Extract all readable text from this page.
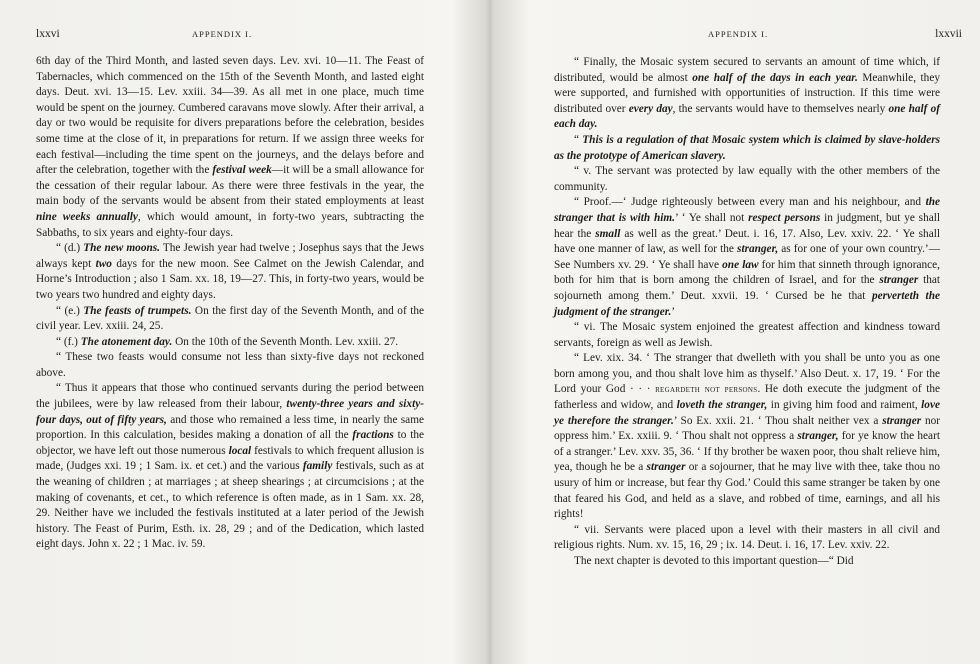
lxxvi	APPENDIX I.

6th day of the Third Month, and lasted seven days. Lev. xvi. 10—11. The Feast of Tabernacles, which commenced on the 15th of the Seventh Month, and lasted eight days. Deut. xvi. 13—15. Lev. xxiii. 34—39. As all met in one place, much time would be spent on the journey. Cumbered caravans move slowly. After their arrival, a day or two would be requisite for divers preparations before the celebration, besides some time at the close of it, in preparations for return. If we assign three weeks for each festival—including the time spent on the journeys, and the delays before and after the celebration, together with the festival week—it will be a small allowance for the cessation of their regular labour. As there were three festivals in the year, the main body of the servants would be absent from their stated employments at least nine weeks annually, which would amount, in forty-two years, subtracting the Sabbaths, to six years and eighty-four days.

“ (d.) The new moons. The Jewish year had twelve ; Josephus says that the Jews always kept two days for the new moon. See Calmet on the Jewish Calendar, and Horne’s Introduction ; also 1 Sam. xx. 18, 19—27. This, in forty-two years, would be two years two hundred and eighty days.

“ (e.) The feasts of trumpets. On the first day of the Seventh Month, and of the civil year. Lev. xxiii. 24, 25.

“ (f.) The atonement day. On the 10th of the Seventh Month. Lev. xxiii. 27.

“ These two feasts would consume not less than sixty-five days not reckoned above.

“ Thus it appears that those who continued servants during the period between the jubilees, were by law released from their labour, twenty-three years and sixty-four days, out of fifty years, and those who remained a less time, in nearly the same proportion. In this calculation, besides making a donation of all the fractions to the objector, we have left out those numerous local festivals to which frequent allusion is made, (Judges xxi. 19 ; 1 Sam. ix. et cet.) and the various family festivals, such as at the weaning of children ; at marriages ; at sheep shearings ; at circumcisions ; at the making of covenants, et cet., to which reference is often made, as in 1 Sam. xx. 28, 29. Neither have we included the festivals instituted at a later period of the Jewish history. The Feast of Purim, Esth. ix. 28, 29 ; and of the Dedication, which lasted eight days. John x. 22 ; 1 Mac. iv. 59.

APPENDIX I.	lxxvii

“ Finally, the Mosaic system secured to servants an amount of time which, if distributed, would be almost one half of the days in each year. Meanwhile, they were supported, and furnished with opportunities of instruction. If this time were distributed over every day, the servants would have to themselves nearly one half of each day.

“ This is a regulation of that Mosaic system which is claimed by slave-holders as the prototype of American slavery.

“ v. The servant was protected by law equally with the other members of the community.

“ Proof.—‘ Judge righteously between every man and his neighbour, and the stranger that is with him.’ ‘ Ye shall not respect persons in judgment, but ye shall hear the small as well as the great.’ Deut. i. 16, 17. Also, Lev. xxiv. 22. ‘ Ye shall have one manner of law, as well for the stranger, as for one of your own country.’—See Numbers xv. 29. ‘ Ye shall have one law for him that sinneth through ignorance, both for him that is born among the children of Israel, and for the stranger that sojourneth among them.’ Deut. xxvii. 19. ‘ Cursed be he that perverteth the judgment of the stranger.’

“ vi. The Mosaic system enjoined the greatest affection and kindness toward servants, foreign as well as Jewish.

“ Lev. xix. 34. ‘ The stranger that dwelleth with you shall be unto you as one born among you, and thou shalt love him as thyself.’ Also Deut. x. 17, 19. ‘ For the Lord your God · · · regardeth not persons. He doth execute the judgment of the fatherless and widow, and loveth the stranger, in giving him food and raiment, love ye therefore the stranger.’ So Ex. xxii. 21. ‘ Thou shalt neither vex a stranger nor oppress him.’ Ex. xxiii. 9. ‘ Thou shalt not oppress a stranger, for ye know the heart of a stranger.’ Lev. xxv. 35, 36. ‘ If thy brother be waxen poor, thou shalt relieve him, yea, though he be a stranger or a sojourner, that he may live with thee, take thou no usury of him or increase, but fear thy God.’ Could this same stranger be taken by one that feared his God, and held as a slave, and robbed of time, earnings, and all his rights!

“ vii. Servants were placed upon a level with their masters in all civil and religious rights. Num. xv. 15, 16, 29 ; ix. 14. Deut. i. 16, 17. Lev. xxiv. 22.

The next chapter is devoted to this important question—“ Did
